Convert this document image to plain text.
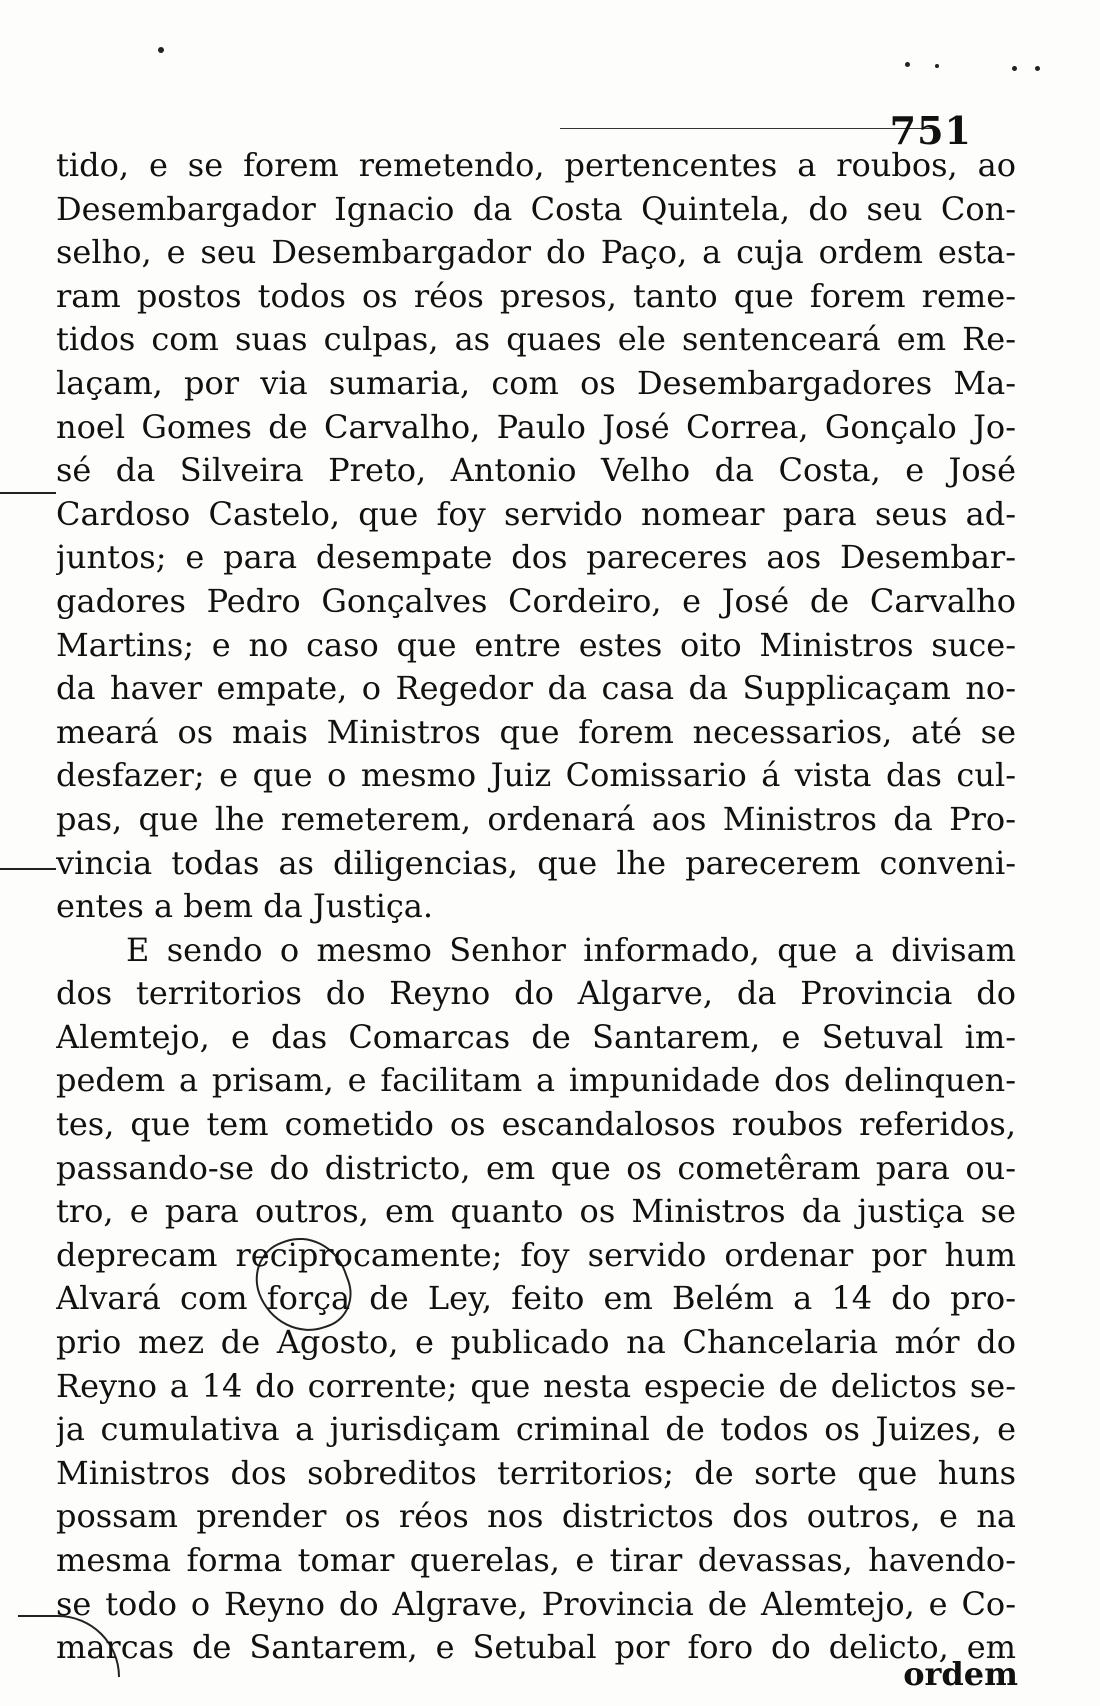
751
tido, e se forem remetendo, pertencentes a roubos, ao
Desembargador Ignacio da Costa Quintela, do seu Con-
selho, e seu Desembargador do Paço, a cuja ordem esta-
ram postos todos os réos presos, tanto que forem reme-
tidos com suas culpas, as quaes ele sentenceará em Re-
laçam, por via sumaria, com os Desembargadores Ma-
noel Gomes de Carvalho, Paulo José Correa, Gonçalo Jo-
sé da Silveira Preto, Antonio Velho da Costa, e José
Cardoso Castelo, que foy servido nomear para seus ad-
juntos; e para desempate dos pareceres aos Desembar-
gadores Pedro Gonçalves Cordeiro, e José de Carvalho
Martins; e no caso que entre estes oito Ministros suce-
da haver empate, o Regedor da casa da Supplicaçam no-
meará os mais Ministros que forem necessarios, até se
desfazer; e que o mesmo Juiz Comissario á vista das cul-
pas, que lhe remeterem, ordenará aos Ministros da Pro-
vincia todas as diligencias, que lhe parecerem conveni-
entes a bem da Justiça.
E sendo o mesmo Senhor informado, que a divisam
dos territorios do Reyno do Algarve, da Provincia do
Alemtejo, e das Comarcas de Santarem, e Setuval im-
pedem a prisam, e facilitam a impunidade dos delinquen-
tes, que tem cometido os escandalosos roubos referidos,
passando-se do districto, em que os cometêram para ou-
tro, e para outros, em quanto os Ministros da justiça se
deprecam reciprocamente; foy servido ordenar por hum
Alvará com força de Ley, feito em Belém a 14 do pro-
prio mez de Agosto, e publicado na Chancelaria mór do
Reyno a 14 do corrente; que nesta especie de delictos se-
ja cumulativa a jurisdiçam criminal de todos os Juizes, e
Ministros dos sobreditos territorios; de sorte que huns
possam prender os réos nos districtos dos outros, e na
mesma forma tomar querelas, e tirar devassas, havendo-
se todo o Reyno do Algrave, Provincia de Alemtejo, e Co-
marcas de Santarem, e Setubal por foro do delicto, em
ordem
